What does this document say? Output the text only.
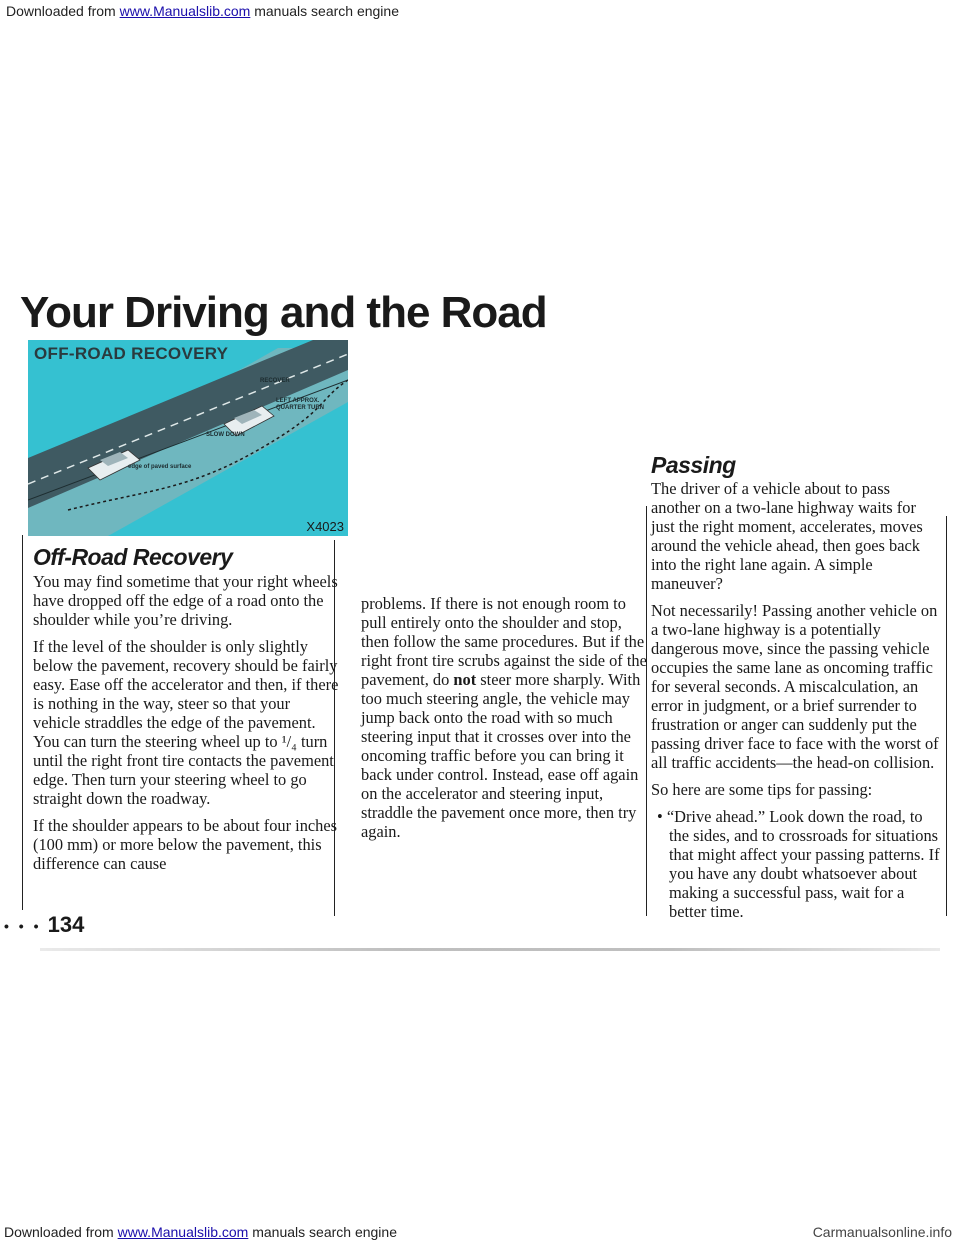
Downloaded from www.Manualslib.com manuals search engine
Your Driving and the Road
OFF-ROAD RECOVERY
RECOVER
LEFT APPROX. QUARTER TURN
SLOW DOWN
edge of paved surface
X4023
Off-Road Recovery

You may find sometime that your right wheels have dropped off the edge of a road onto the shoulder while you’re driving.

If the level of the shoulder is only slightly below the pavement, recovery should be fairly easy. Ease off the accelerator and then, if there is nothing in the way, steer so that your vehicle straddles the edge of the pavement. You can turn the steering wheel up to ¹/₄ turn until the right front tire contacts the pavement edge. Then turn your steering wheel to go straight down the roadway.

If the shoulder appears to be about four inches (100 mm) or more below the pavement, this difference can cause

problems. If there is not enough room to pull entirely onto the shoulder and stop, then follow the same procedures. But if the right front tire scrubs against the side of the pavement, do not steer more sharply. With too much steering angle, the vehicle may jump back onto the road with so much steering input that it crosses over into the oncoming traffic before you can bring it back under control. Instead, ease off again on the accelerator and steering input, straddle the pavement once more, then try again.

Passing

The driver of a vehicle about to pass another on a two-lane highway waits for just the right moment, accelerates, moves around the vehicle ahead, then goes back into the right lane again. A simple maneuver?

Not necessarily! Passing another vehicle on a two-lane highway is a potentially dangerous move, since the passing vehicle occupies the same lane as oncoming traffic for several seconds. A miscalculation, an error in judgment, or a brief surrender to frustration or anger can suddenly put the passing driver face to face with the worst of all traffic accidents—the head-on collision.

So here are some tips for passing:

• “Drive ahead.” Look down the road, to the sides, and to crossroads for situations that might affect your passing patterns. If you have any doubt whatsoever about making a successful pass, wait for a better time.
• • • 134
Downloaded from www.Manualslib.com manuals search engine	Carmanualsonline.info
